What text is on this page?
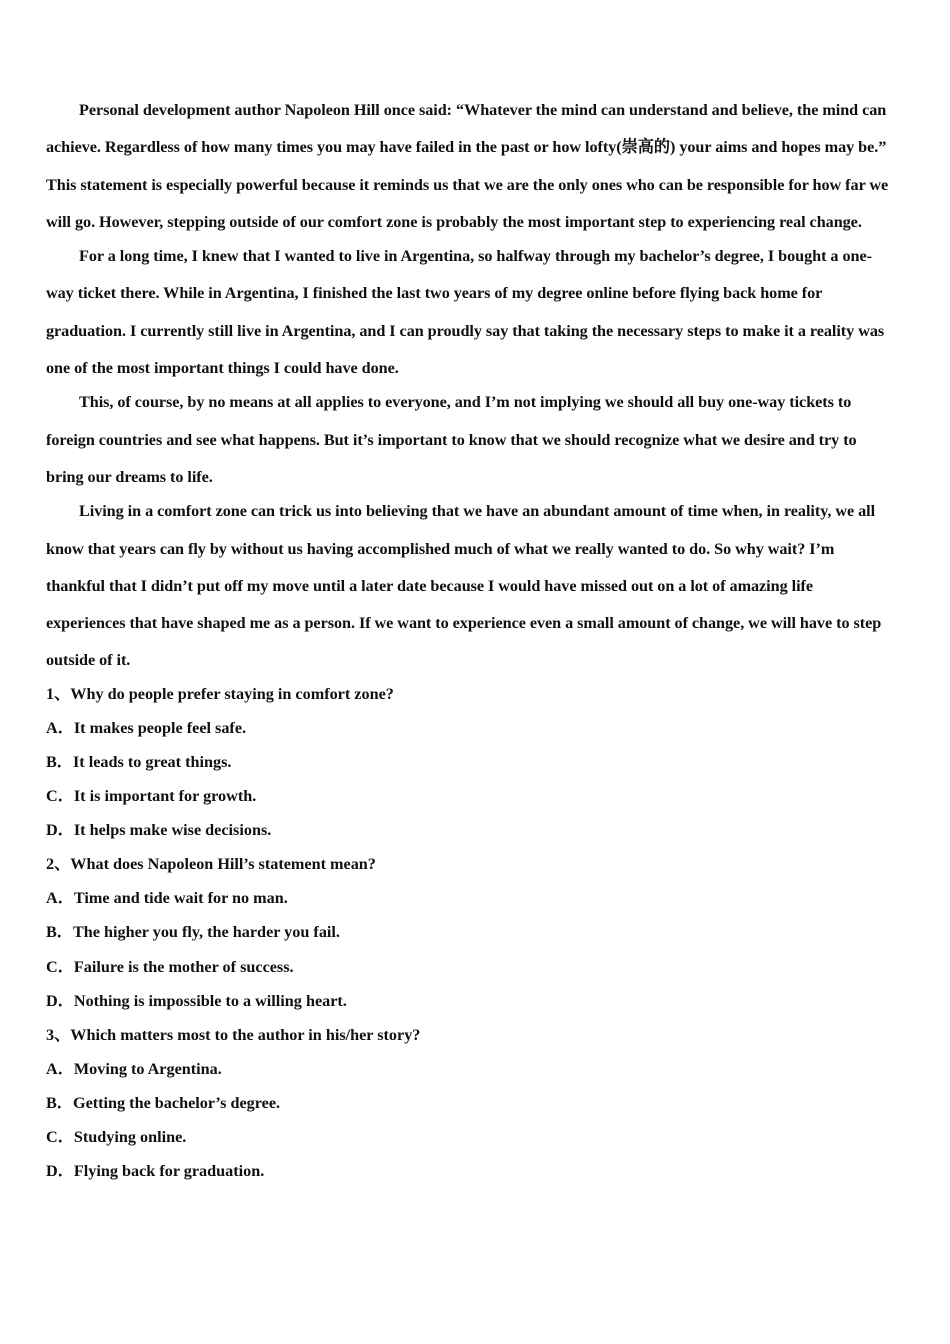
Personal development author Napoleon Hill once said: “Whatever the mind can understand and believe, the mind can achieve. Regardless of how many times you may have failed in the past or how lofty(崇高的) your aims and hopes may be.” This statement is especially powerful because it reminds us that we are the only ones who can be responsible for how far we will go. However, stepping outside of our comfort zone is probably the most important step to experiencing real change.

For a long time, I knew that I wanted to live in Argentina, so halfway through my bachelor’s degree, I bought a one-way ticket there. While in Argentina, I finished the last two years of my degree online before flying back home for graduation. I currently still live in Argentina, and I can proudly say that taking the necessary steps to make it a reality was one of the most important things I could have done.

This, of course, by no means at all applies to everyone, and I’m not implying we should all buy one-way tickets to foreign countries and see what happens. But it’s important to know that we should recognize what we desire and try to bring our dreams to life.

Living in a comfort zone can trick us into believing that we have an abundant amount of time when, in reality, we all know that years can fly by without us having accomplished much of what we really wanted to do. So why wait? I’m thankful that I didn’t put off my move until a later date because I would have missed out on a lot of amazing life experiences that have shaped me as a person. If we want to experience even a small amount of change, we will have to step outside of it.

1、Why do people prefer staying in comfort zone?

A．It makes people feel safe.

B．It leads to great things.

C．It is important for growth.

D．It helps make wise decisions.

2、What does Napoleon Hill’s statement mean?

A．Time and tide wait for no man.

B．The higher you fly, the harder you fail.

C．Failure is the mother of success.

D．Nothing is impossible to a willing heart.

3、Which matters most to the author in his/her story?

A．Moving to Argentina.

B．Getting the bachelor’s degree.

C．Studying online.

D．Flying back for graduation.
